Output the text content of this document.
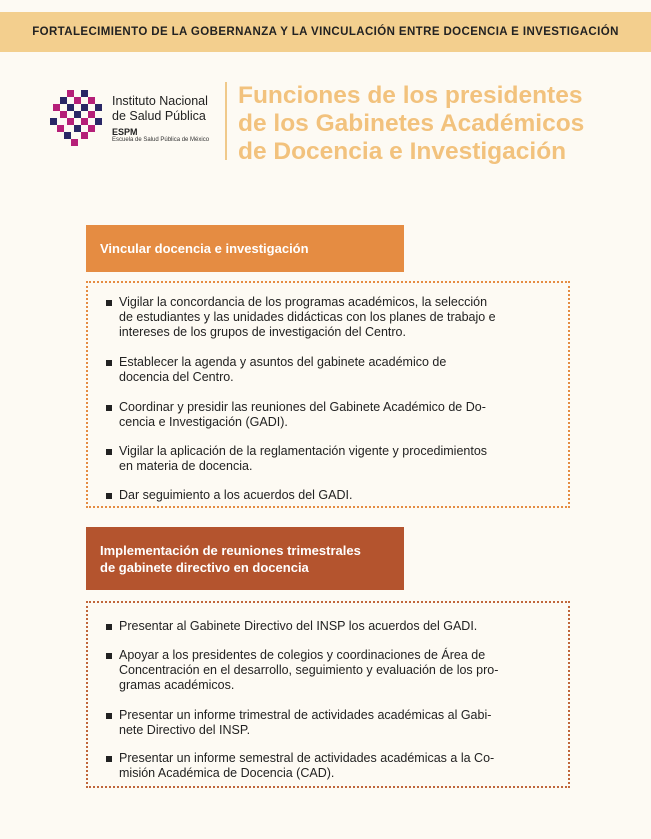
FORTALECIMIENTO DE LA GOBERNANZA Y LA VINCULACIÓN ENTRE DOCENCIA E INVESTIGACIÓN
Instituto Nacional
de Salud Pública
ESPM
Escuela de Salud Pública de México
Funciones de los presidentes
de los Gabinetes Académicos
de Docencia e Investigación
Vincular docencia e investigación
Vigilar la concordancia de los programas académicos, la selección
de estudiantes y las unidades didácticas con los planes de trabajo e
intereses de los grupos de investigación del Centro.
Establecer la agenda y asuntos del gabinete académico de
docencia del Centro.
Coordinar y presidir las reuniones del Gabinete Académico de Do-
cencia e Investigación (GADI).
Vigilar la aplicación de la reglamentación vigente y procedimientos
en materia de docencia.
Dar seguimiento a los acuerdos del GADI.
Implementación de reuniones trimestrales
de gabinete directivo en docencia
Presentar al Gabinete Directivo del INSP los acuerdos del GADI.
Apoyar a los presidentes de colegios y coordinaciones de Área de
Concentración en el desarrollo, seguimiento y evaluación de los pro-
gramas académicos.
Presentar un informe trimestral de actividades académicas al Gabi-
nete Directivo del INSP.
Presentar un informe semestral de actividades académicas a la Co-
misión Académica de Docencia (CAD).
